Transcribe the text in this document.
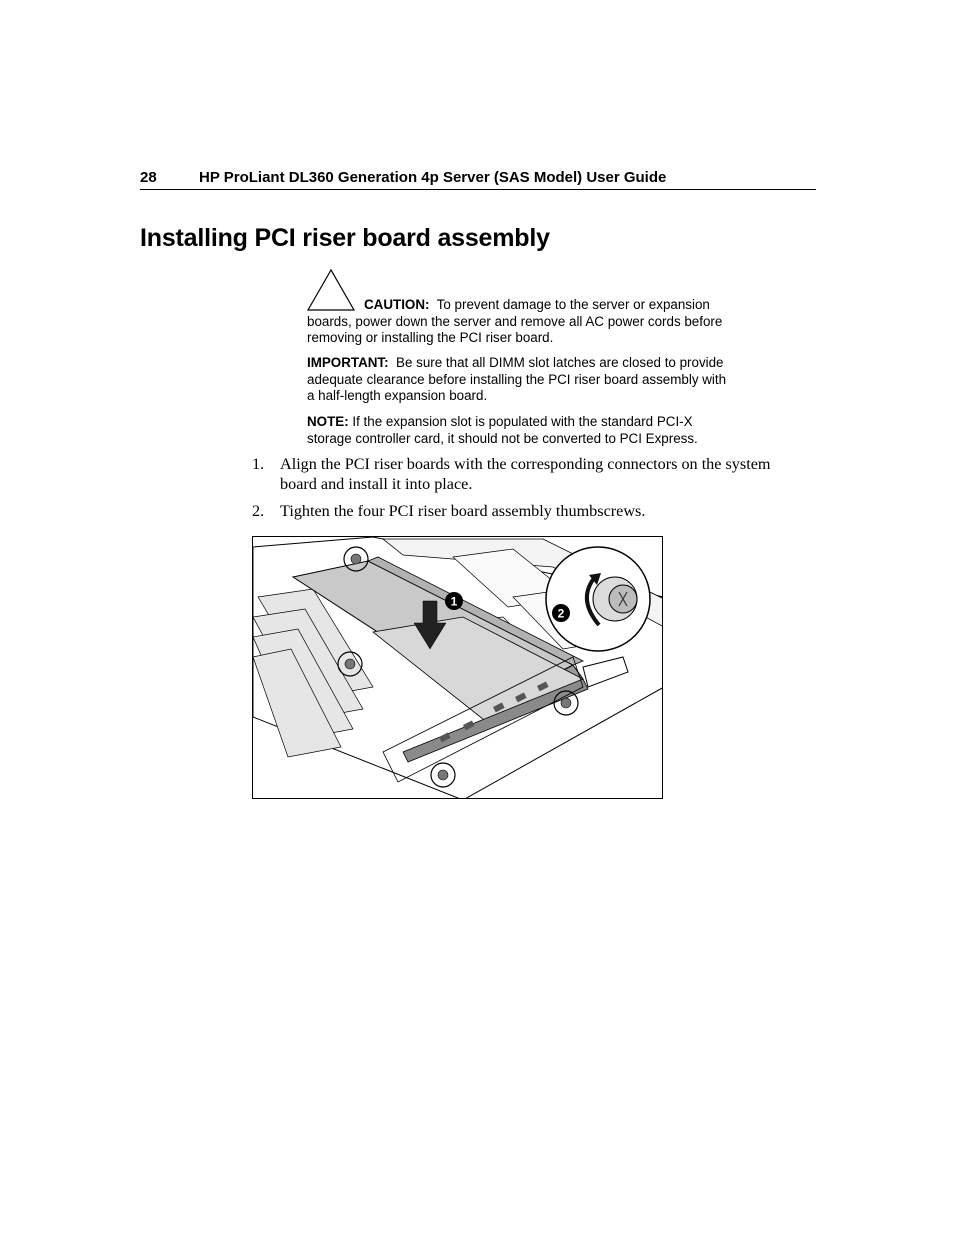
28	HP ProLiant DL360 Generation 4p Server (SAS Model) User Guide
Installing PCI riser board assembly

CAUTION: To prevent damage to the server or expansion

boards, power down the server and remove all AC power cords before

removing or installing the PCI riser board.

IMPORTANT: Be sure that all DIMM slot latches are closed to provide

adequate clearance before installing the PCI riser board assembly with

a half-length expansion board.

NOTE: If the expansion slot is populated with the standard PCI-X

storage controller card, it should not be converted to PCI Express.

1. Align the PCI riser boards with the corresponding connectors on the system
board and install it into place.
2. Tighten the four PCI riser board assembly thumbscrews.
1
2
